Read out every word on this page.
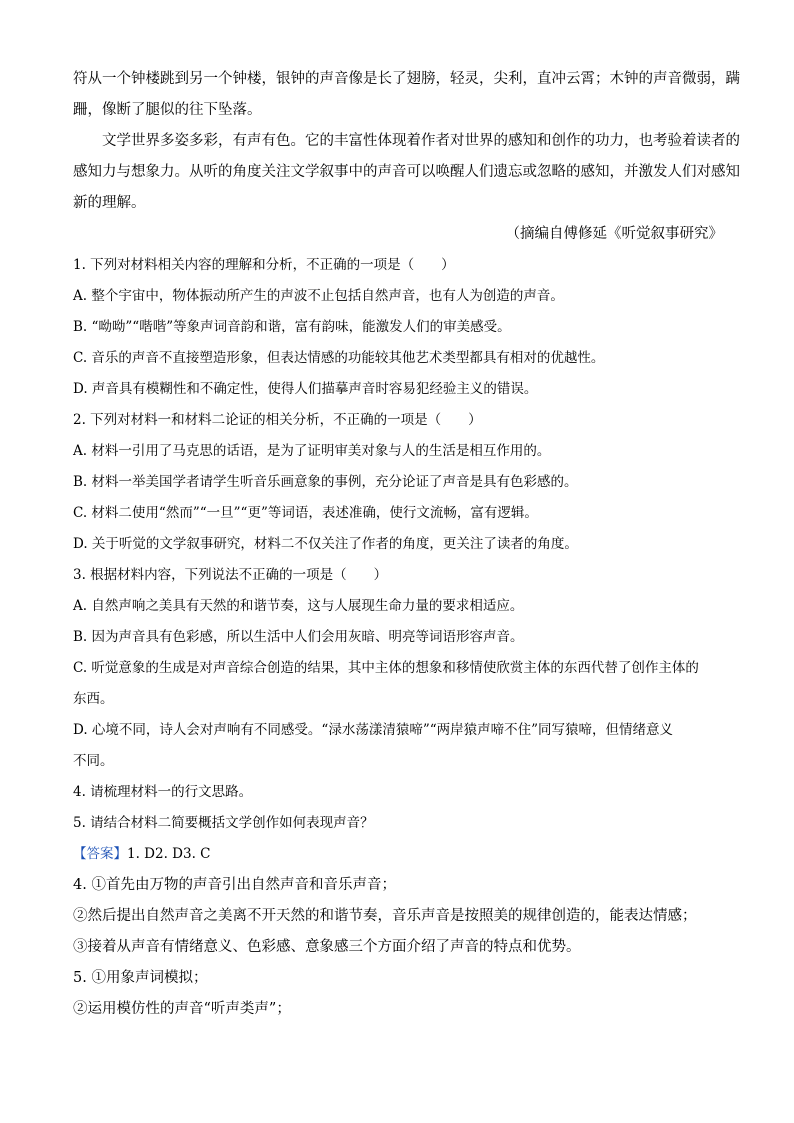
符从一个钟楼跳到另一个钟楼，银钟的声音像是长了翅膀，轻灵，尖利，直冲云霄；木钟的声音微弱，蹒

跚，像断了腿似的往下坠落。

文学世界多姿多彩，有声有色。它的丰富性体现着作者对世界的感知和创作的功力，也考验着读者的

感知力与想象力。从听的角度关注文学叙事中的声音可以唤醒人们遗忘或忽略的感知，并激发人们对感知

新的理解。

（摘编自傅修延《听觉叙事研究》

1. 下列对材料相关内容的理解和分析，不正确的一项是（　　）

A. 整个宇宙中，物体振动所产生的声波不止包括自然声音，也有人为创造的声音。

B. “呦呦”“喈喈”等象声词音韵和谐，富有韵味，能激发人们的审美感受。

C. 音乐的声音不直接塑造形象，但表达情感的功能较其他艺术类型都具有相对的优越性。

D. 声音具有模糊性和不确定性，使得人们描摹声音时容易犯经验主义的错误。

2. 下列对材料一和材料二论证的相关分析，不正确的一项是（　　）

A. 材料一引用了马克思的话语，是为了证明审美对象与人的生活是相互作用的。

B. 材料一举美国学者请学生听音乐画意象的事例，充分论证了声音是具有色彩感的。

C. 材料二使用“然而”“一旦”“更”等词语，表述准确，使行文流畅，富有逻辑。

D. 关于听觉的文学叙事研究，材料二不仅关注了作者的角度，更关注了读者的角度。

3. 根据材料内容，下列说法不正确的一项是（　　）

A. 自然声响之美具有天然的和谐节奏，这与人展现生命力量的要求相适应。

B. 因为声音具有色彩感，所以生活中人们会用灰暗、明亮等词语形容声音。

C. 听觉意象的生成是对声音综合创造的结果，其中主体的想象和移情使欣赏主体的东西代替了创作主体的

东西。

D. 心境不同，诗人会对声响有不同感受。“渌水荡漾清猿啼”“两岸猿声啼不住”同写猿啼，但情绪意义

不同。

4. 请梳理材料一的行文思路。

5. 请结合材料二简要概括文学创作如何表现声音？

【答案】1. D2. D3. C

4. ①首先由万物的声音引出自然声音和音乐声音；

②然后提出自然声音之美离不开天然的和谐节奏，音乐声音是按照美的规律创造的，能表达情感；

③接着从声音有情绪意义、色彩感、意象感三个方面介绍了声音的特点和优势。

5. ①用象声词模拟；

②运用模仿性的声音“听声类声”；
